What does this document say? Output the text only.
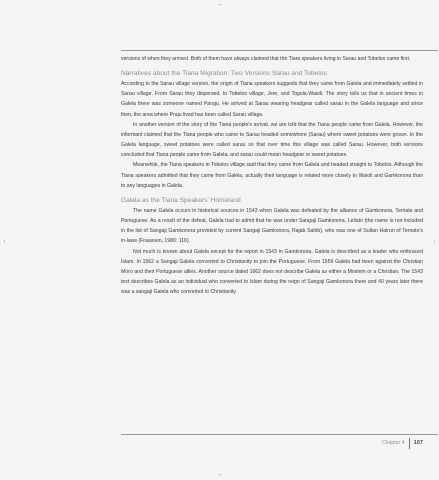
versions of when they arrived. Both of them have always claimed that the Tiara speakers living in Sarau and Tobelos came first.

Narratives about the Tiana Migration: Two Versions Sarau and Tobelos

According to the Sarau village version, the origin of Tiana speakers suggests that they came from Galela and immediately settled in Sarau village. From Sarau they dispersed, to Tobelos village, Jere, and Togola-Waioli. The story tells us that in ancient times in Galela there was someone named Paraju. He arrived at Sarau wearing headgear called sarau in the Galela language and since then, the area where Praju lived has been called Sarau village.

In another version of the story of the Tiana people's arrival, we are told that the Tiana people came from Galela. However, the informant claimed that the Tiana people who came to Sarau headed somewhere (Sarau) where sweet potatoes were grown. In the Galela language, sweet potatoes were called sarau so that over time this village was called Sarau. However, both versions concluded that Tiana people came from Galela, and sarau could mean headgear or sweet potatoes.

Meanwhile, the Tiana speakers in Tobelos village said that they came from Galela and headed straight to Tobelos. Although the Tiana speakers admitted that they came from Galela, actually their language is related more closely to Waioli and Gamkonora than to any languages in Galela.

Galela as the Tiana Speakers' Homeland

The name Galela occurs in historical sources in 1543 when Galela was defeated by the alliance of Gamkonora, Ternate and Portuguese. As a result of the defeat, Galela had to admit that he was under Sangaji Gamkonora, Leliato (the name is not included in the list of Sangaji Gamkonora provided by current Sangaji Gamkonora, Rajab Sahib), who was one of Sultan Hairun of Ternate's in-laws (Fraassen, 1980: 116).

Not much is known about Galela except for the report in 1543 in Gamkonora. Galela is described as a leader who embraced Islam. In 1562 a Sangaji Galela converted to Christianity to join the Portuguese. From 1559 Galela had been against the Christian Moro and their Portuguese allies. Another source dated 1662 does not describe Galela as either a Moslem or a Christian. The 1543 text describes Galela as an individual who converted to Islam during the reign of Sangaji Gamkonora there and 40 years later there was a sangaji Galela who converted to Christianity.

Chapter 4	107
